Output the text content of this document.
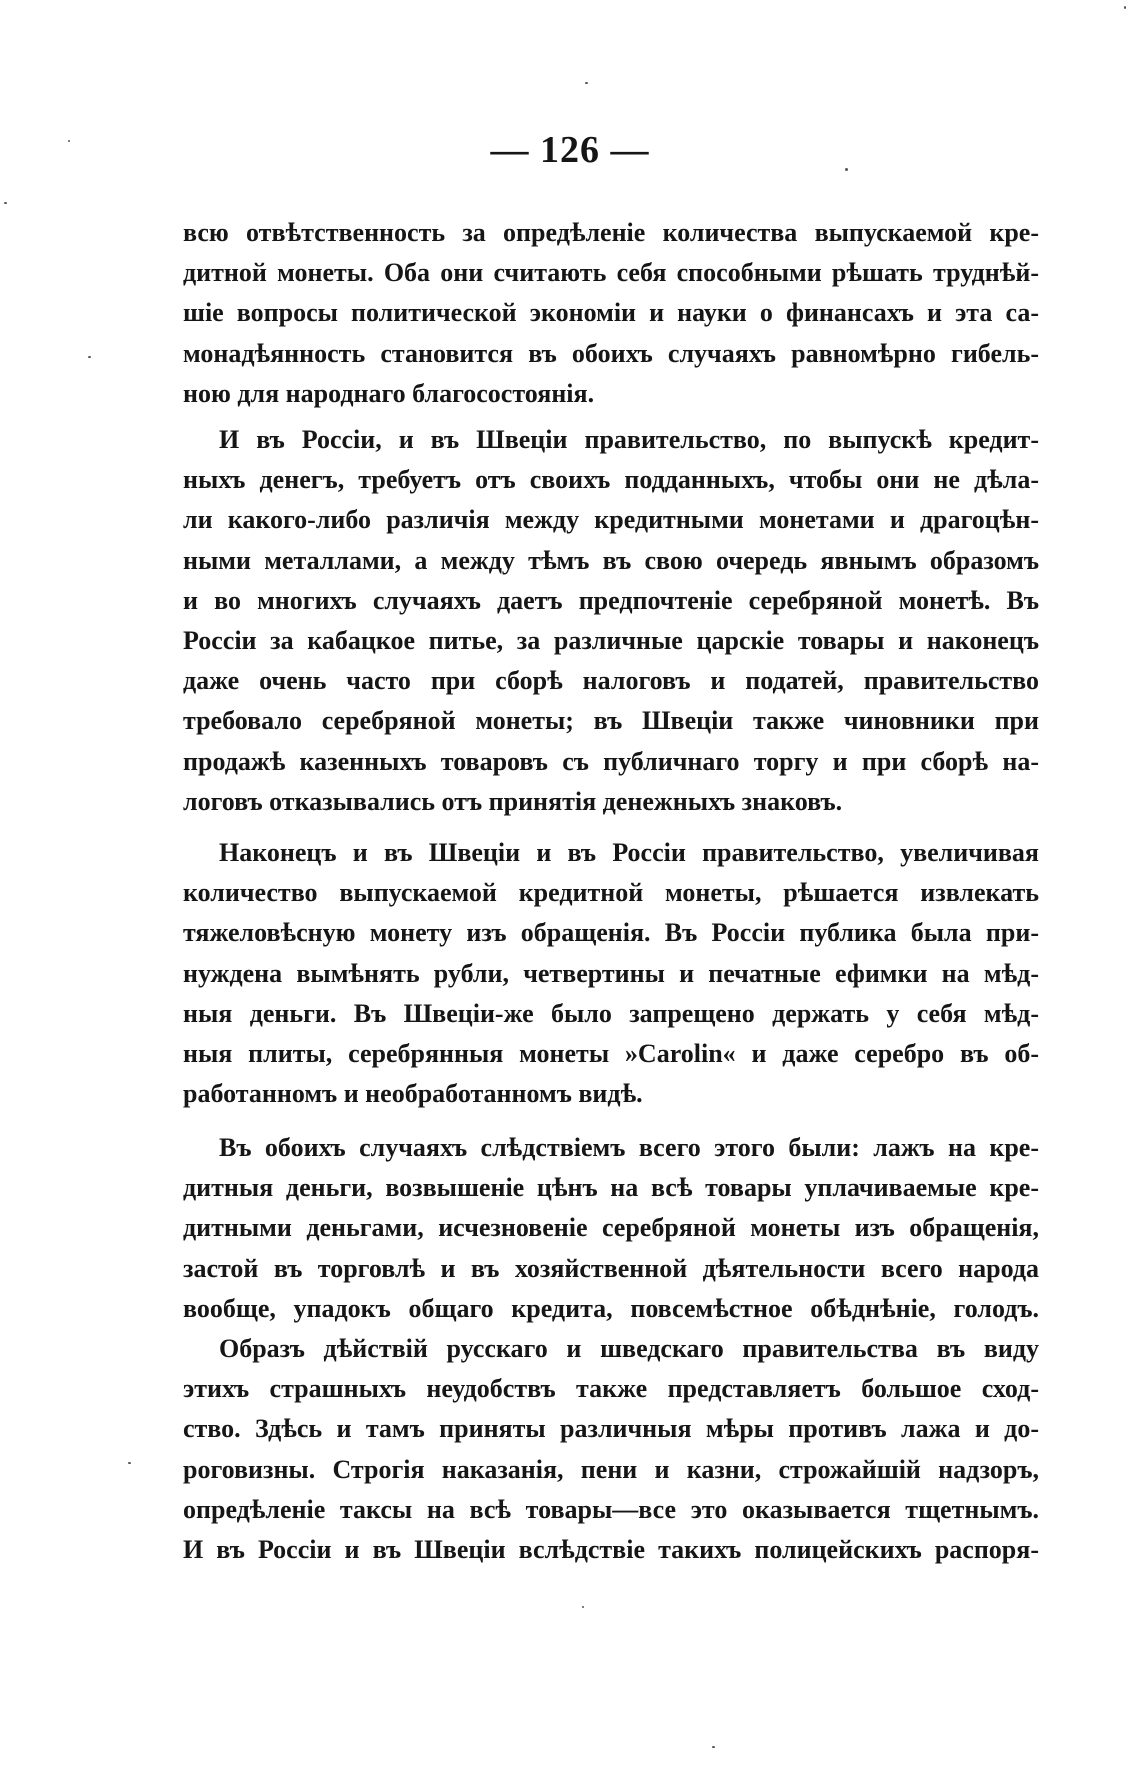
— 126 —
всю отвѣтственность за опредѣленіе количества выпускаемой кре-
дитной монеты. Оба они считають себя способными рѣшать труднѣй-
шіе вопросы политической экономіи и науки о финансахъ и эта са-
монадѣянность становится въ обоихъ случаяхъ равномѣрно гибель-
ною для народнаго благосостоянія.
И въ Россіи, и въ Швеціи правительство, по выпускѣ кредит-
ныхъ денегъ, требуетъ отъ своихъ подданныхъ, чтобы они не дѣла-
ли какого-либо различія между кредитными монетами и драгоцѣн-
ными металлами, а между тѣмъ въ свою очередь явнымъ образомъ
и во многихъ случаяхъ даетъ предпочтеніе серебряной монетѣ. Въ
Россіи за кабацкое питье, за различные царскіе товары и наконецъ
даже очень часто при сборѣ налоговъ и податей, правительство
требовало серебряной монеты; въ Швеціи также чиновники при
продажѣ казенныхъ товаровъ съ публичнаго торгу и при сборѣ на-
логовъ отказывались отъ принятія денежныхъ знаковъ.
Наконецъ и въ Швеціи и въ Россіи правительство, увеличивая
количество выпускаемой кредитной монеты, рѣшается извлекать
тяжеловѣсную монету изъ обращенія. Въ Россіи публика была при-
нуждена вымѣнять рубли, четвертины и печатные ефимки на мѣд-
ныя деньги. Въ Швеціи-же было запрещено держать у себя мѣд-
ныя плиты, серебрянныя монеты »Carolin« и даже серебро въ об-
работанномъ и необработанномъ видѣ.
Въ обоихъ случаяхъ слѣдствіемъ всего этого были: лажъ на кре-
дитныя деньги, возвышеніе цѣнъ на всѣ товары уплачиваемые кре-
дитными деньгами, исчезновеніе серебряной монеты изъ обращенія,
застой въ торговлѣ и въ хозяйственной дѣятельности всего народа
вообще, упадокъ общаго кредита, повсемѣстное обѣднѣніе, голодъ.
Образъ дѣйствій русскаго и шведскаго правительства въ виду
этихъ страшныхъ неудобствъ также представляетъ большое сход-
ство. Здѣсь и тамъ приняты различныя мѣры противъ лажа и до-
роговизны. Строгія наказанія, пени и казни, строжайшій надзоръ,
опредѣленіе таксы на всѣ товары—все это оказывается тщетнымъ.
И въ Россіи и въ Швеціи вслѣдствіе такихъ полицейскихъ распоря-
